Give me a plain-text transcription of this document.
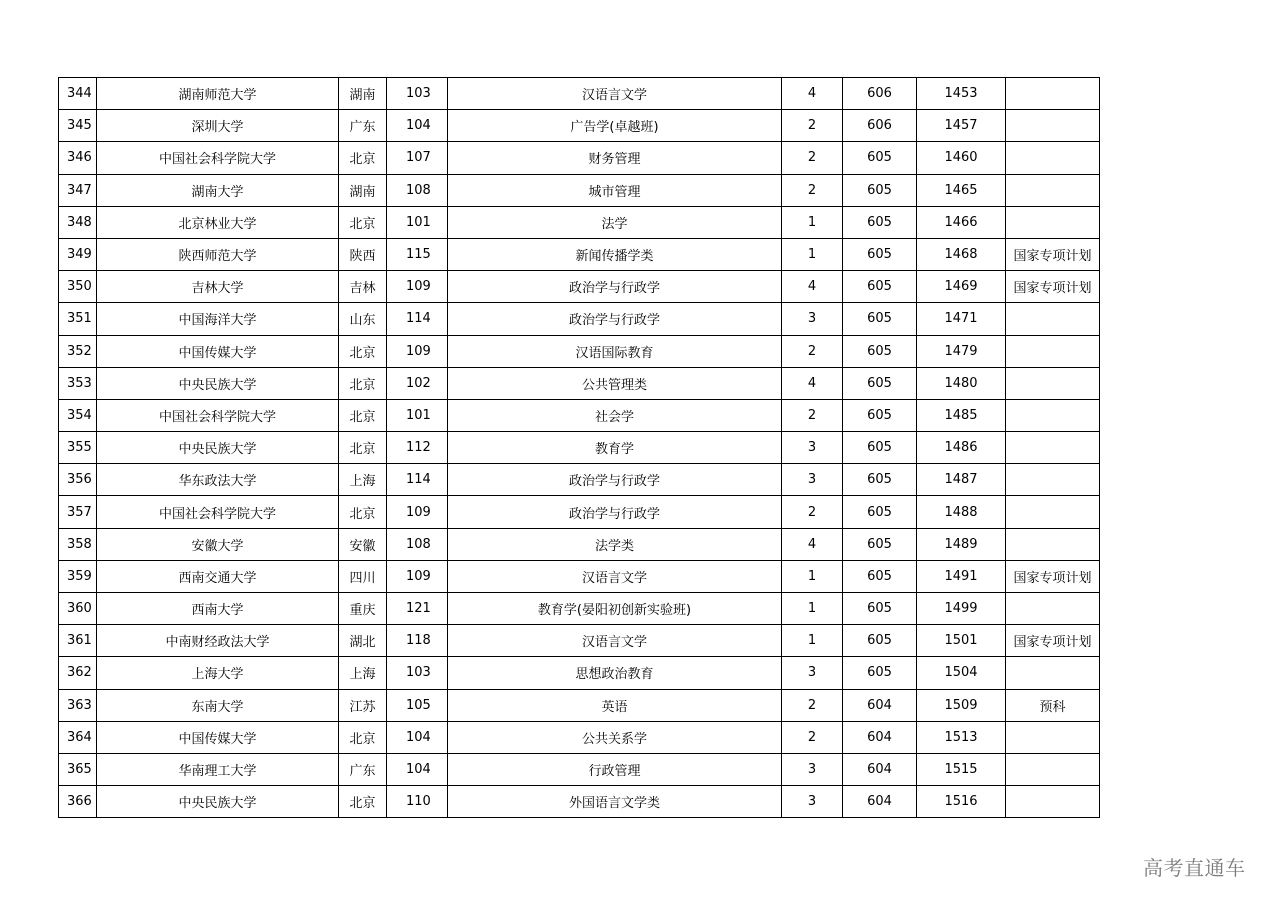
344	湖南师范大学	湖南	103	汉语言文学	4	606	1453	
345	深圳大学	广东	104	广告学(卓越班)	2	606	1457	
346	中国社会科学院大学	北京	107	财务管理	2	605	1460	
347	湖南大学	湖南	108	城市管理	2	605	1465	
348	北京林业大学	北京	101	法学	1	605	1466	
349	陕西师范大学	陕西	115	新闻传播学类	1	605	1468	国家专项计划
350	吉林大学	吉林	109	政治学与行政学	4	605	1469	国家专项计划
351	中国海洋大学	山东	114	政治学与行政学	3	605	1471	
352	中国传媒大学	北京	109	汉语国际教育	2	605	1479	
353	中央民族大学	北京	102	公共管理类	4	605	1480	
354	中国社会科学院大学	北京	101	社会学	2	605	1485	
355	中央民族大学	北京	112	教育学	3	605	1486	
356	华东政法大学	上海	114	政治学与行政学	3	605	1487	
357	中国社会科学院大学	北京	109	政治学与行政学	2	605	1488	
358	安徽大学	安徽	108	法学类	4	605	1489	
359	西南交通大学	四川	109	汉语言文学	1	605	1491	国家专项计划
360	西南大学	重庆	121	教育学(晏阳初创新实验班)	1	605	1499	
361	中南财经政法大学	湖北	118	汉语言文学	1	605	1501	国家专项计划
362	上海大学	上海	103	思想政治教育	3	605	1504	
363	东南大学	江苏	105	英语	2	604	1509	预科
364	中国传媒大学	北京	104	公共关系学	2	604	1513	
365	华南理工大学	广东	104	行政管理	3	604	1515	
366	中央民族大学	北京	110	外国语言文学类	3	604	1516	
高考直通车
